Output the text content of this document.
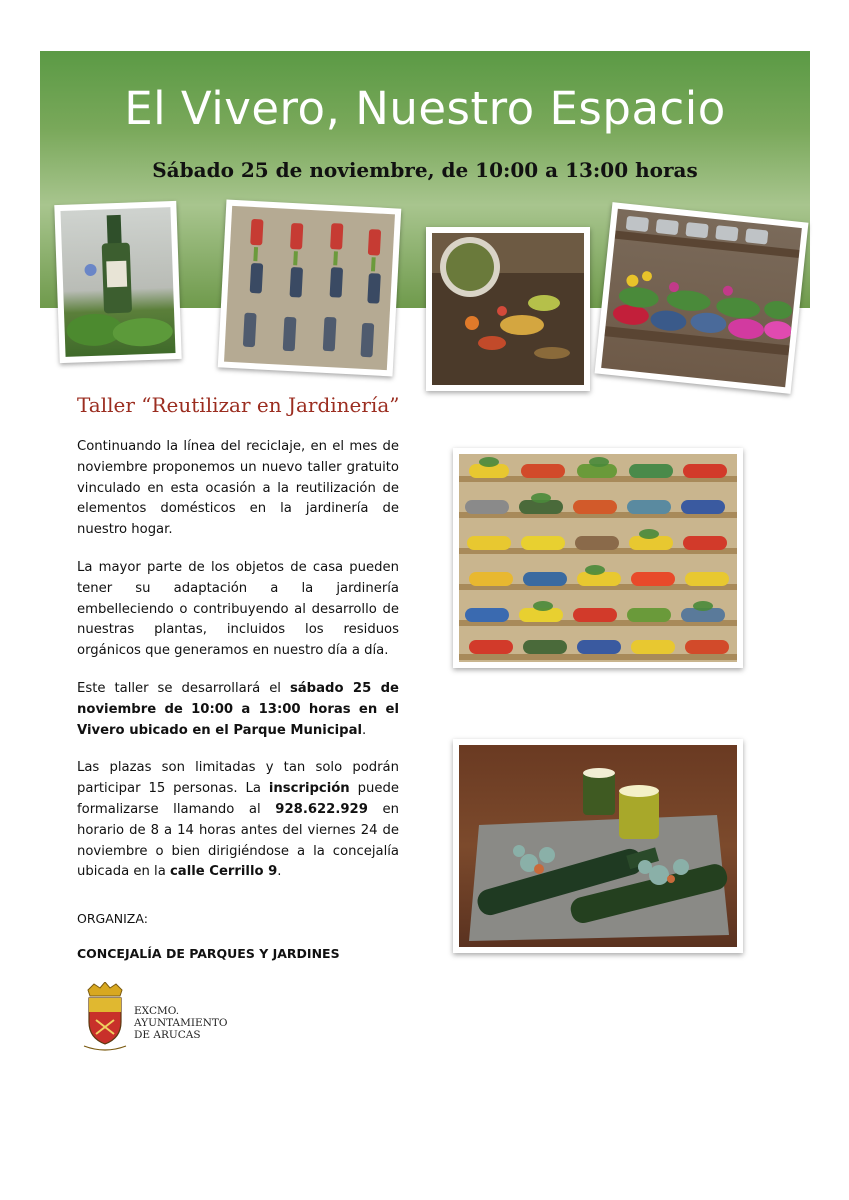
El Vivero, Nuestro Espacio
Sábado 25 de noviembre, de 10:00 a 13:00 horas
Taller “Reutilizar en Jardinería”

Continuando la línea del reciclaje, en el mes de noviembre proponemos un nuevo taller gratuito vinculado en esta ocasión a la reutilización de elementos domésticos en la jardinería de nuestro hogar.

La mayor parte de los objetos de casa pueden tener su adaptación a la jardinería embelleciendo o contribuyendo al desarrollo de nuestras plantas, incluidos los residuos orgánicos que generamos en nuestro día a día.

Este taller se desarrollará el sábado 25 de noviembre de 10:00 a 13:00 horas en el Vivero ubicado en el Parque Municipal.

Las plazas son limitadas y tan solo podrán participar 15 personas. La inscripción puede formalizarse llamando al 928.622.929 en horario de 8 a 14 horas antes del viernes 24 de noviembre o bien dirigiéndose a la concejalía ubicada en la calle Cerrillo 9.

ORGANIZA:
CONCEJALÍA DE PARQUES Y JARDINES
EXCMO.
AYUNTAMIENTO
DE ARUCAS
